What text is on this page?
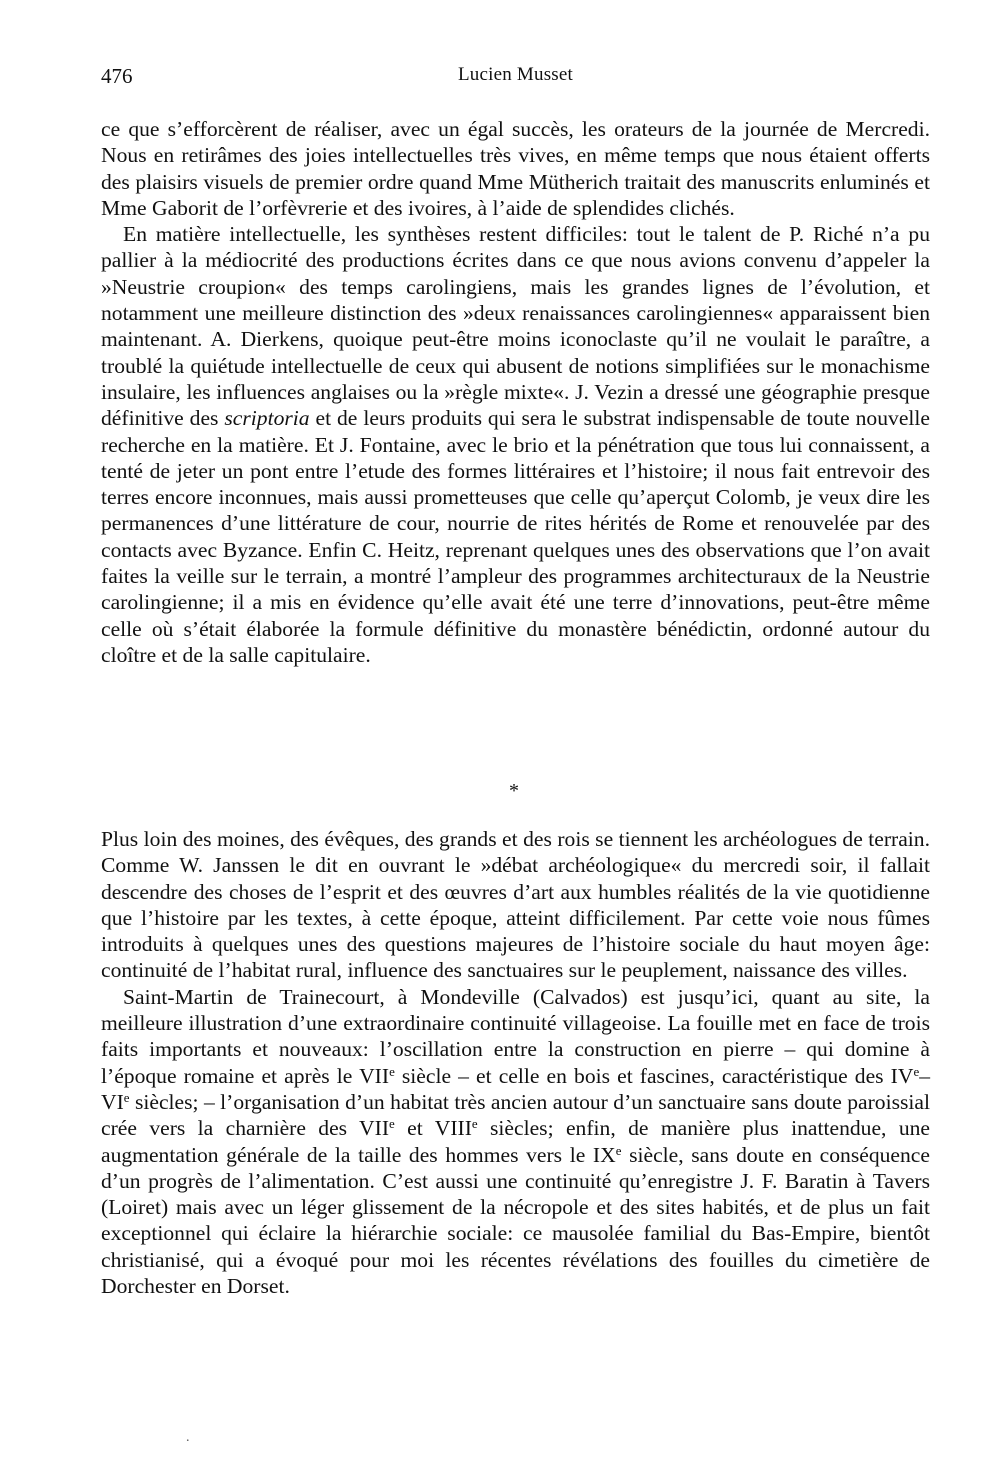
476	Lucien Musset

ce que s’efforcèrent de réaliser, avec un égal succès, les orateurs de la journée de Mercredi. Nous en retirâmes des joies intellectuelles très vives, en même temps que nous étaient offerts des plaisirs visuels de premier ordre quand Mme Mütherich traitait des manuscrits enluminés et Mme Gaborit de l’orfèvrerie et des ivoires, à l’aide de splendides clichés.

En matière intellectuelle, les synthèses restent difficiles: tout le talent de P. Riché n’a pu pallier à la médiocrité des productions écrites dans ce que nous avions convenu d’appeler la »Neustrie croupion« des temps carolingiens, mais les grandes lignes de l’évolution, et notamment une meilleure distinction des »deux renaissances carolingiennes« apparaissent bien maintenant. A. Dierkens, quoique peut-être moins iconoclaste qu’il ne voulait le paraître, a troublé la quiétude intellectuelle de ceux qui abusent de notions simplifiées sur le monachisme insulaire, les influences anglaises ou la »règle mixte«. J. Vezin a dressé une géographie presque définitive des scriptoria et de leurs produits qui sera le substrat indispensable de toute nouvelle recherche en la matière. Et J. Fontaine, avec le brio et la pénétration que tous lui connaissent, a tenté de jeter un pont entre l’etude des formes littéraires et l’histoire; il nous fait entrevoir des terres encore inconnues, mais aussi prometteuses que celle qu’aperçut Colomb, je veux dire les permanences d’une littérature de cour, nourrie de rites hérités de Rome et renouvelée par des contacts avec Byzance. Enfin C. Heitz, reprenant quelques unes des observations que l’on avait faites la veille sur le terrain, a montré l’ampleur des programmes architecturaux de la Neustrie carolingienne; il a mis en évidence qu’elle avait été une terre d’innovations, peut-être même celle où s’était élaborée la formule définitive du monastère bénédictin, ordonné autour du cloître et de la salle capitulaire.

*

Plus loin des moines, des évêques, des grands et des rois se tiennent les archéologues de terrain. Comme W. Janssen le dit en ouvrant le »débat archéologique« du mercredi soir, il fallait descendre des choses de l’esprit et des œuvres d’art aux humbles réalités de la vie quotidienne que l’histoire par les textes, à cette époque, atteint difficilement. Par cette voie nous fûmes introduits à quelques unes des questions majeures de l’histoire sociale du haut moyen âge: continuité de l’habitat rural, influence des sanctuaires sur le peuplement, naissance des villes.

Saint-Martin de Trainecourt, à Mondeville (Calvados) est jusqu’ici, quant au site, la meilleure illustration d’une extraordinaire continuité villageoise. La fouille met en face de trois faits importants et nouveaux: l’oscillation entre la construction en pierre – qui domine à l’époque romaine et après le VIIe siècle – et celle en bois et fascines, caractéristique des IVe–VIe siècles; – l’organisation d’un habitat très ancien autour d’un sanctuaire sans doute paroissial crée vers la charnière des VIIe et VIIIe siècles; enfin, de manière plus inattendue, une augmentation générale de la taille des hommes vers le IXe siècle, sans doute en conséquence d’un progrès de l’alimentation. C’est aussi une continuité qu’enregistre J. F. Baratin à Tavers (Loiret) mais avec un léger glissement de la nécropole et des sites habités, et de plus un fait exceptionnel qui éclaire la hiérarchie sociale: ce mausolée familial du Bas-Empire, bientôt christianisé, qui a évoqué pour moi les récentes révélations des fouilles du cimetière de Dorchester en Dorset.

.
